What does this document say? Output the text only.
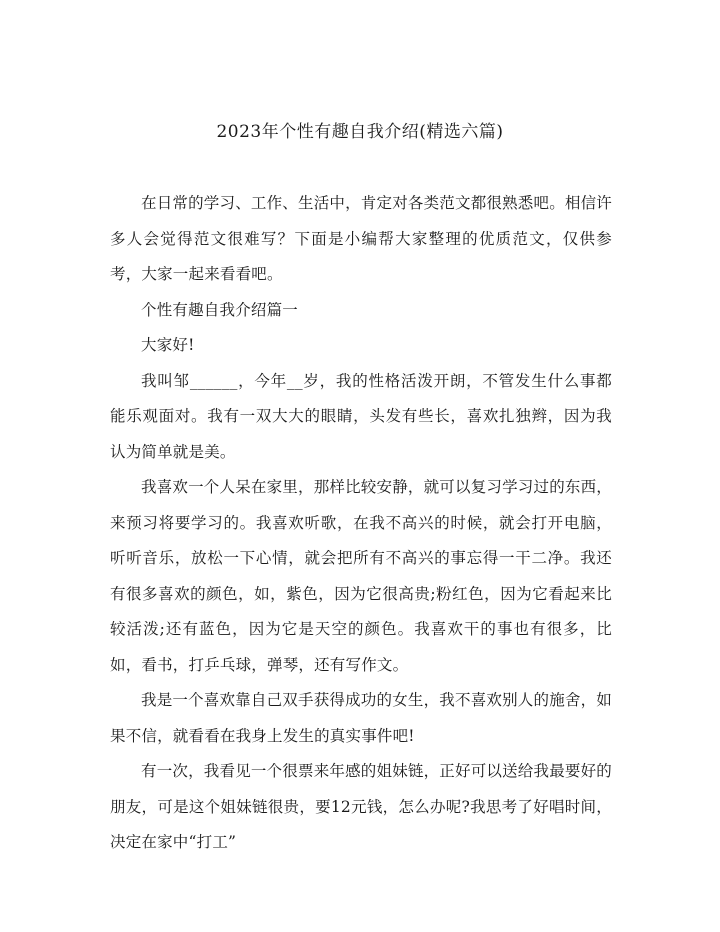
2023年个性有趣自我介绍(精选六篇)

在日常的学习、工作、生活中，肯定对各类范文都很熟悉吧。相信许多人会觉得范文很难写？下面是小编帮大家整理的优质范文，仅供参考，大家一起来看看吧。

个性有趣自我介绍篇一

大家好!

我叫邹______，今年__岁，我的性格活泼开朗，不管发生什么事都能乐观面对。我有一双大大的眼睛，头发有些长，喜欢扎独辫，因为我认为简单就是美。

我喜欢一个人呆在家里，那样比较安静，就可以复习学习过的东西，来预习将要学习的。我喜欢听歌，在我不高兴的时候，就会打开电脑，听听音乐，放松一下心情，就会把所有不高兴的事忘得一干二净。我还有很多喜欢的颜色，如，紫色，因为它很高贵;粉红色，因为它看起来比较活泼;还有蓝色，因为它是天空的颜色。我喜欢干的事也有很多，比如，看书，打乒乓球，弹琴，还有写作文。

我是一个喜欢靠自己双手获得成功的女生，我不喜欢别人的施舍，如果不信，就看看在我身上发生的真实事件吧!

有一次，我看见一个很票来年感的姐妹链，正好可以送给我最要好的朋友，可是这个姐妹链很贵，要12元钱，怎么办呢?我思考了好唱时间，决定在家中“打工”
